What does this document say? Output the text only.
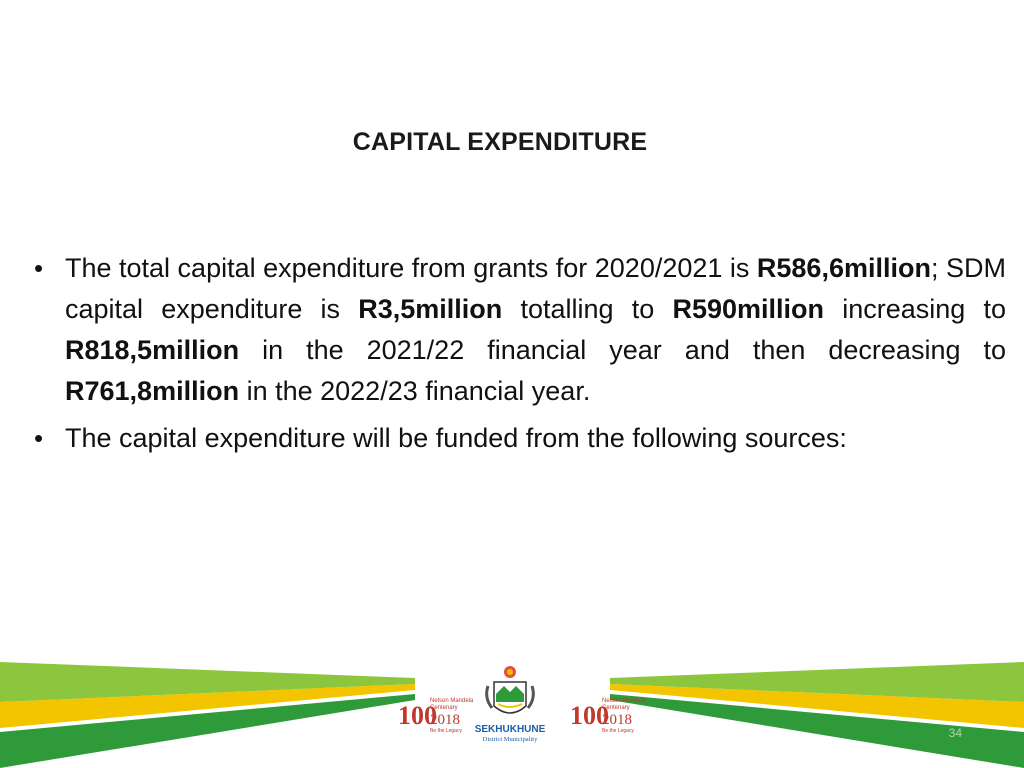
CAPITAL EXPENDITURE
• The total capital expenditure from grants for 2020/2021 is R586,6million; SDM capital expenditure is R3,5million totalling to R590million increasing to R818,5million in the 2021/22 financial year and then decreasing to R761,8million in the 2022/23 financial year.
• The capital expenditure will be funded from the following sources:
100
Nelson Mandela
Centenary
2018
Be the Legacy SEKHUKHUNE
District Municipality
100
Nelson Mandela
Centenary
2018
Be the Legacy	34
